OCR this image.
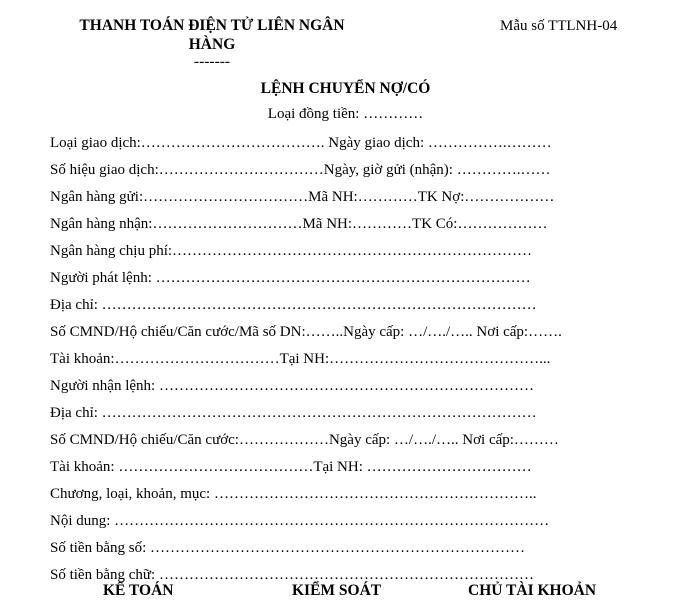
THANH TOÁN ĐIỆN TỬ LIÊN NGÂN
HÀNG
-------
Mẫu số TTLNH-04
LỆNH CHUYỂN NỢ/CÓ
Loại đồng tiền: …………
Loại giao dịch:………………………………. Ngày giao dịch: …………….………
Số hiệu giao dịch:……………………………Ngày, giờ gửi (nhận): ………….……
Ngân hàng gửi:……………………………Mã NH:…………TK Nợ:………………
Ngân hàng nhận:…………………………Mã NH:…………TK Có:………………
Ngân hàng chịu phí:………………………………………………………………
Người phát lệnh: …………………………………………………………………
Địa chỉ: ……………………………………………………………………………
Số CMND/Hộ chiếu/Căn cước/Mã số DN:……..Ngày cấp: …/…./….. Nơi cấp:…….
Tài khoản:……………………………Tại NH:……………………………………...
Người nhận lệnh: …………………………………………………………………
Địa chỉ: ……………………………………………………………………………
Số CMND/Hộ chiếu/Căn cước:………………Ngày cấp: …/…./….. Nơi cấp:………
Tài khoản: …………………………………Tại NH: ……………………………
Chương, loại, khoản, mục: ………………………………………………………..
Nội dung: ……………………………………………………………………………
Số tiền bằng số: …………………………………………………………………
Số tiền bằng chữ: …………………………………………………………………
KẾ TOÁN	KIỂM SOÁT	CHỦ TÀI KHOẢN
